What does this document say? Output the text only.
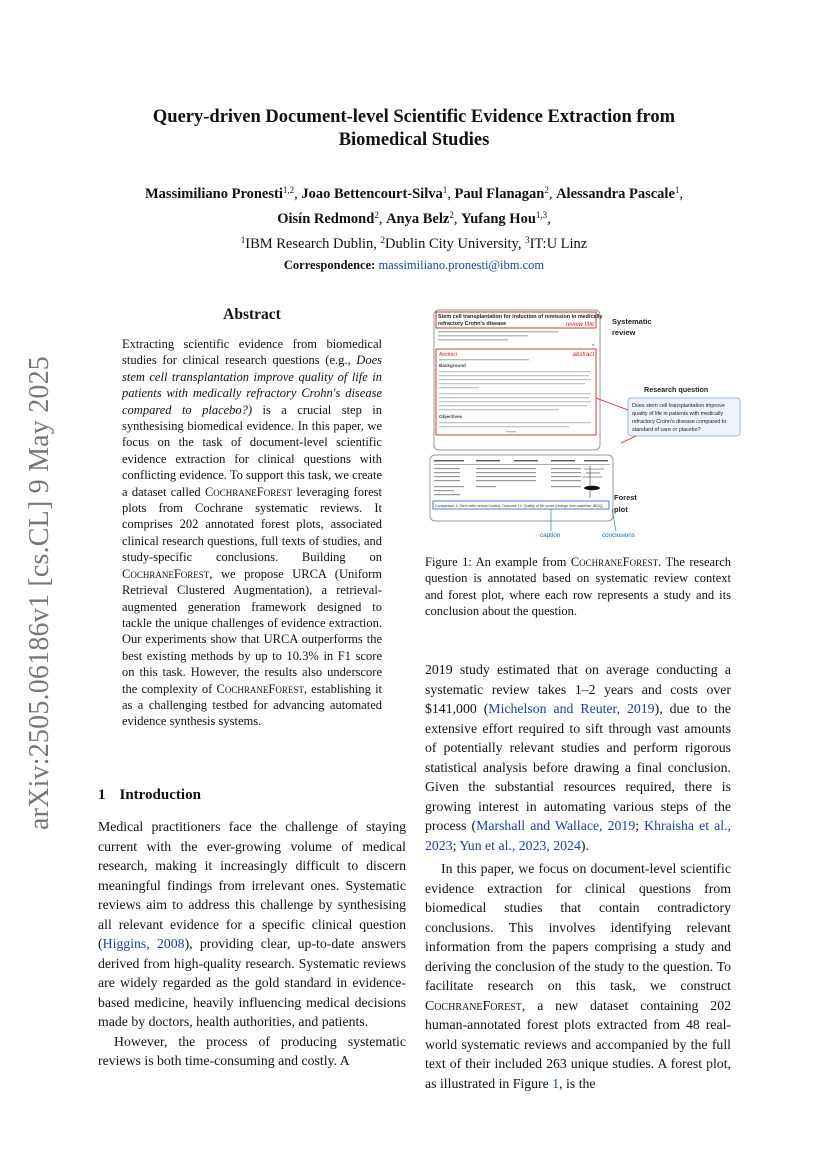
arXiv:2505.06186v1 [cs.CL] 9 May 2025
Query-driven Document-level Scientific Evidence Extraction from
Biomedical Studies
Massimiliano Pronesti$^{1,2}$, Joao Bettencourt-Silva$^1$, Paul Flanagan$^2$, Alessandra Pascale$^1$,
Oisín Redmond$^2$, Anya Belz$^2$, Yufang Hou$^{1,3}$,
$^1$IBM Research Dublin, $^2$Dublin City University, $^3$IT:U Linz
Correspondence: massimiliano.pronesti@ibm.com
Abstract
Extracting scientific evidence from biomedical studies for clinical research questions (e.g., Does stem cell transplantation improve quality of life in patients with medically refractory Crohn's disease compared to placebo?) is a crucial step in synthesising biomedical evidence. In this paper, we focus on the task of document-level scientific evidence extraction for clinical questions with conflicting evidence. To support this task, we create a dataset called CochraneForest leveraging forest plots from Cochrane systematic reviews. It comprises 202 annotated forest plots, associated clinical research questions, full texts of studies, and study-specific conclusions. Building on CochraneForest, we propose URCA (Uniform Retrieval Clustered Augmentation), a retrieval-augmented generation framework designed to tackle the unique challenges of evidence extraction. Our experiments show that URCA outperforms the best existing methods by up to 10.3% in F1 score on this task. However, the results also underscore the complexity of CochraneForest, establishing it as a challenging testbed for advancing automated evidence synthesis systems.
1 Introduction

Medical practitioners face the challenge of staying current with the ever-growing volume of medical research, making it increasingly difficult to discern meaningful findings from irrelevant ones. Systematic reviews aim to address this challenge by synthesising all relevant evidence for a specific clinical question (Higgins, 2008), providing clear, up-to-date answers derived from high-quality research. Systematic reviews are widely regarded as the gold standard in evidence-based medicine, heavily influencing medical decisions made by doctors, health authorities, and patients.

However, the process of producing systematic reviews is both time-consuming and costly. A

Stem cell transplantation for induction of remission in medically
refractory Crohn's disease	review title
●
Abstract	abstract
Background
Objectives
Systematic
review
Research question
Does stem cell transplantation improve
quality of life in patients with medically
refractory Crohn's disease compared to
standard of care or placebo?
Comparison 1: Stem cells versus Control, Outcome 14: Quality of life score (change from baseline; IBDQ)
Forest
plot
caption	conclusions
Figure 1: An example from CochraneForest. The research question is annotated based on systematic review context and forest plot, where each row represents a study and its conclusion about the question.

2019 study estimated that on average conducting a systematic review takes 1–2 years and costs over $141,000 (Michelson and Reuter, 2019), due to the extensive effort required to sift through vast amounts of potentially relevant studies and perform rigorous statistical analysis before drawing a final conclusion. Given the substantial resources required, there is growing interest in automating various steps of the process (Marshall and Wallace, 2019; Khraisha et al., 2023; Yun et al., 2023, 2024).

In this paper, we focus on document-level scientific evidence extraction for clinical questions from biomedical studies that contain contradictory conclusions. This involves identifying relevant information from the papers comprising a study and deriving the conclusion of the study to the question. To facilitate research on this task, we construct CochraneForest, a new dataset containing 202 human-annotated forest plots extracted from 48 real-world systematic reviews and accompanied by the full text of their included 263 unique studies. A forest plot, as illustrated in Figure 1, is the
